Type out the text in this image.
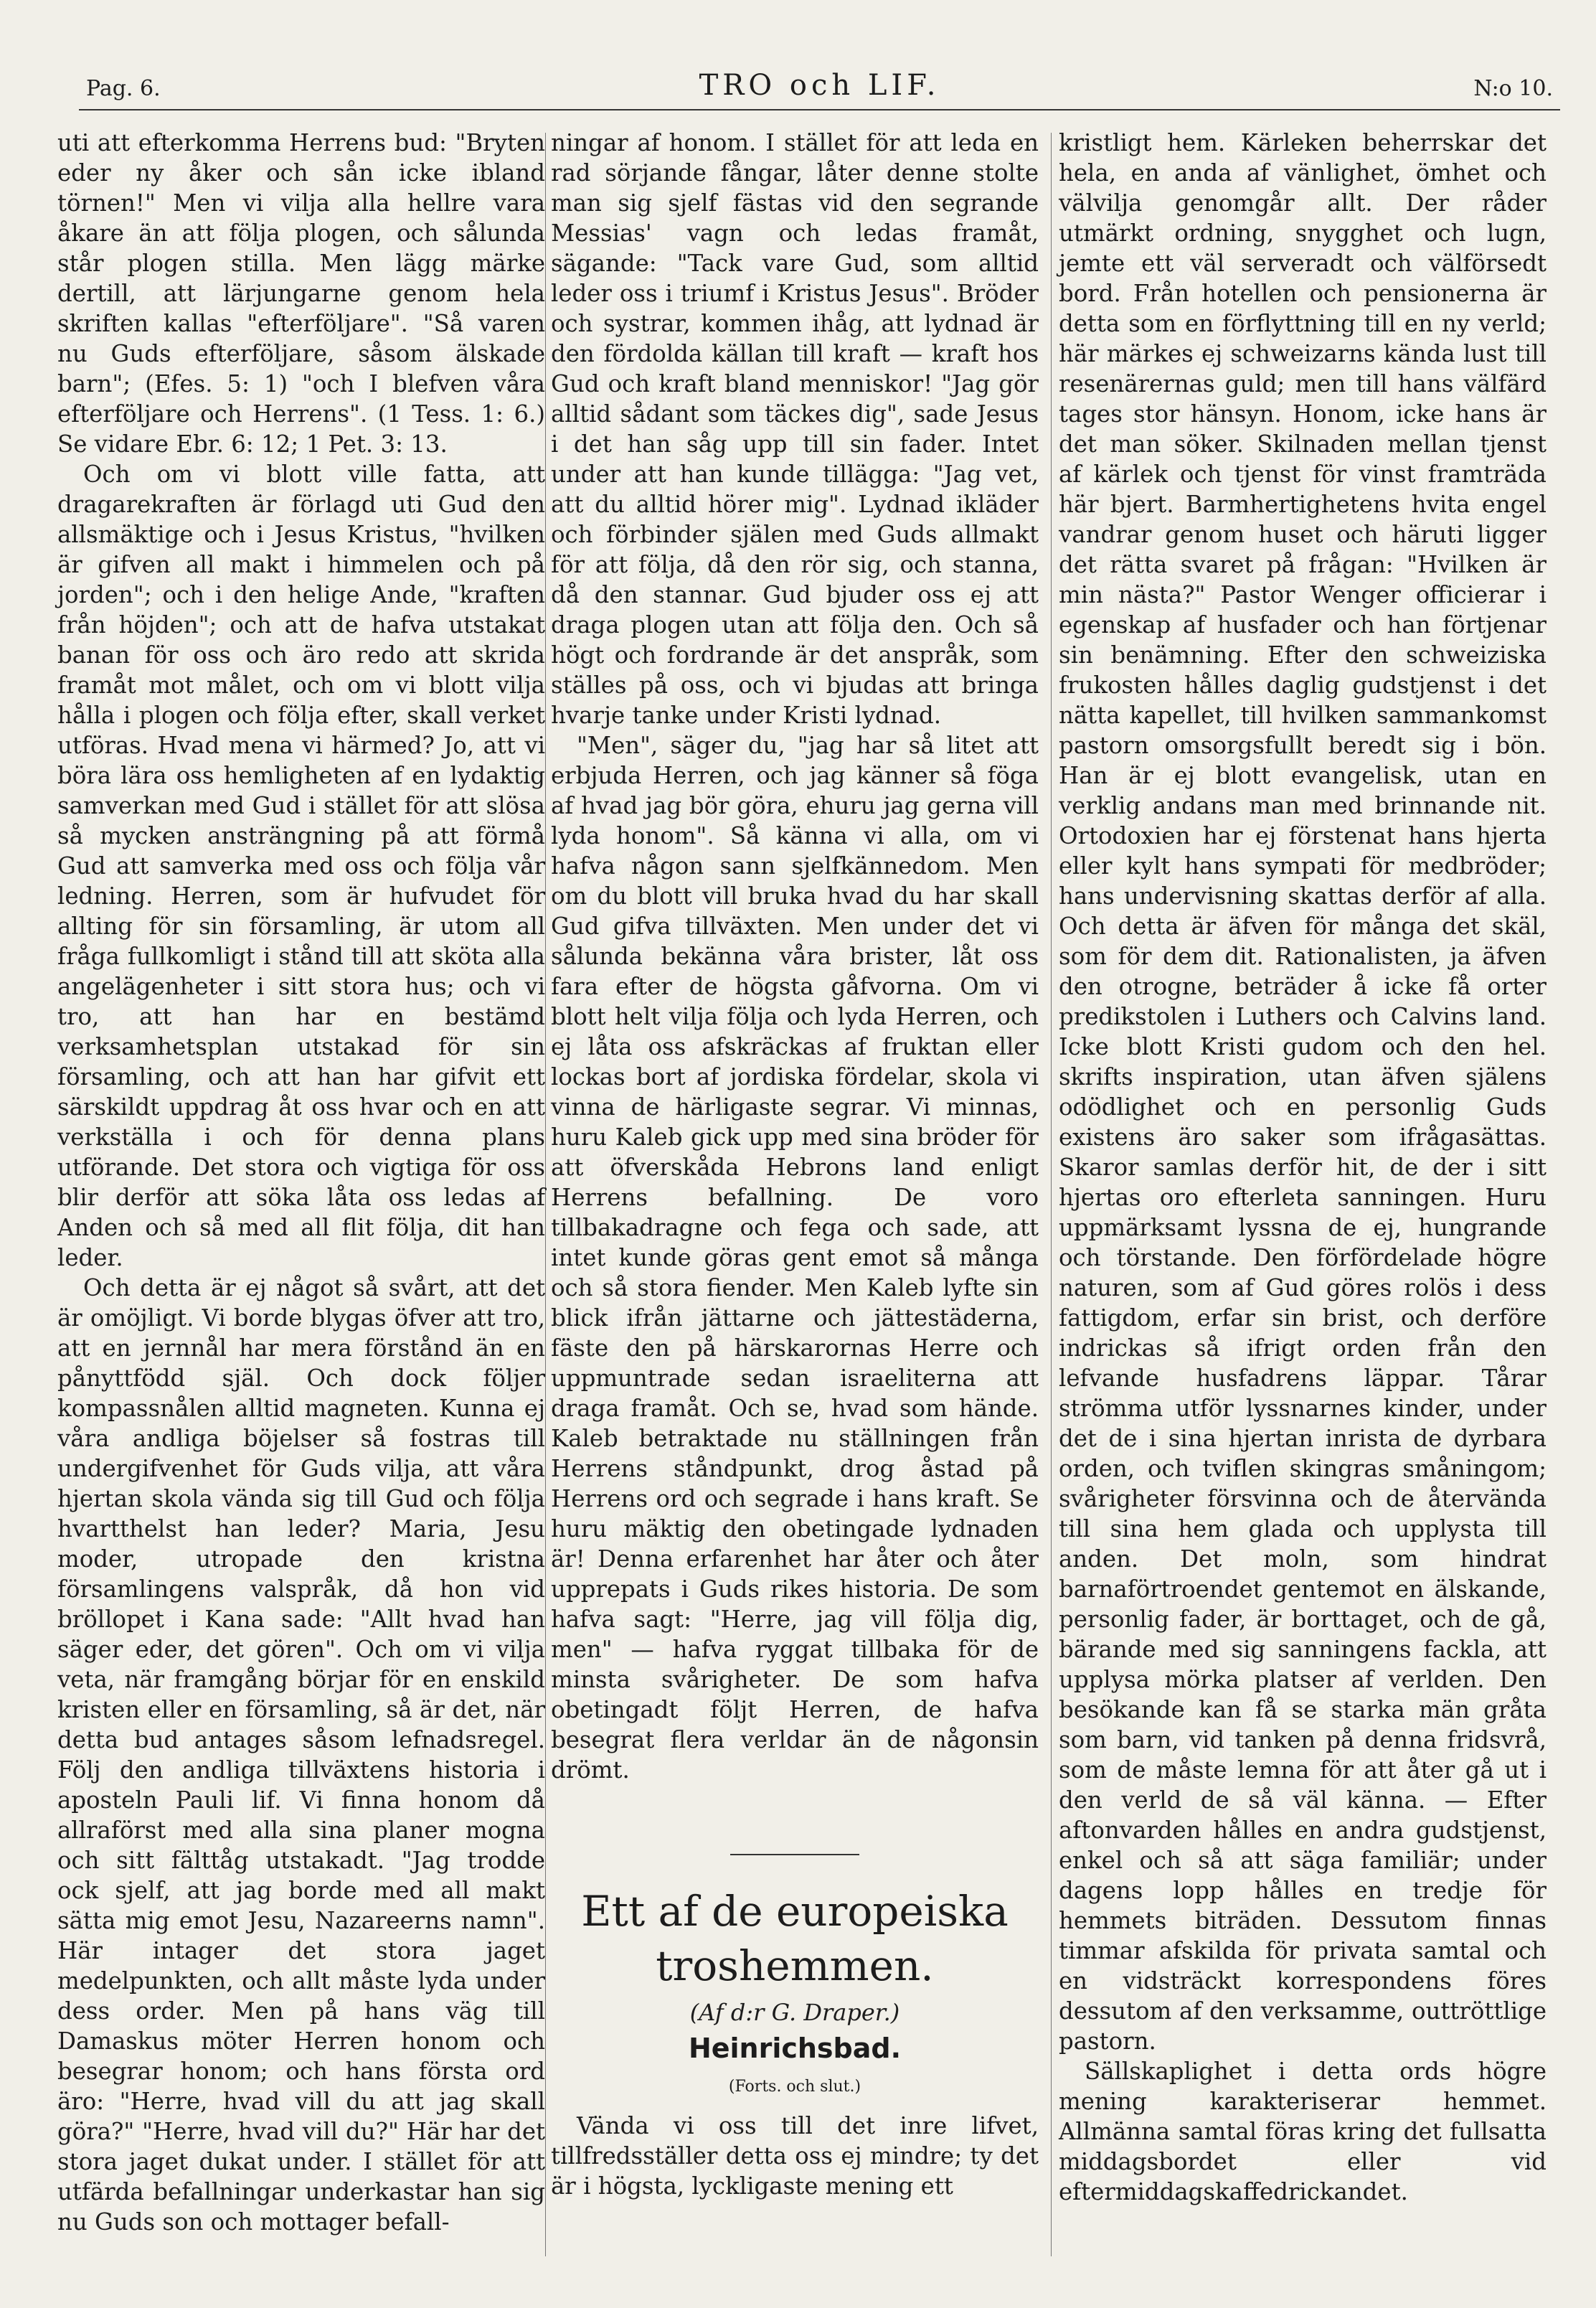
Pag. 6.	TRO och LIF.	N:o 10.

uti att efterkomma Herrens bud: "Bryten eder ny åker och sån icke ibland törnen!" Men vi vilja alla hellre vara åkare än att följa plogen, och sålunda står plogen stilla. Men lägg märke dertill, att lärjungarne genom hela skriften kallas "efterföljare". "Så varen nu Guds efterföljare, såsom älskade barn"; (Efes. 5: 1) "och I blefven våra efterföljare och Herrens". (1 Tess. 1: 6.) Se vidare Ebr. 6: 12; 1 Pet. 3: 13.

Och om vi blott ville fatta, att dragarekraften är förlagd uti Gud den allsmäktige och i Jesus Kristus, "hvilken är gifven all makt i himmelen och på jorden"; och i den helige Ande, "kraften från höjden"; och att de hafva utstakat banan för oss och äro redo att skrida framåt mot målet, och om vi blott vilja hålla i plogen och följa efter, skall verket utföras. Hvad mena vi härmed? Jo, att vi böra lära oss hemligheten af en lydaktig samverkan med Gud i stället för att slösa så mycken ansträngning på att förmå Gud att samverka med oss och följa vår ledning. Herren, som är hufvudet för allting för sin församling, är utom all fråga fullkomligt i stånd till att sköta alla angelägenheter i sitt stora hus; och vi tro, att han har en bestämd verksamhetsplan utstakad för sin församling, och att han har gifvit ett särskildt uppdrag åt oss hvar och en att verkställa i och för denna plans utförande. Det stora och vigtiga för oss blir derför att söka låta oss ledas af Anden och så med all flit följa, dit han leder.

Och detta är ej något så svårt, att det är omöjligt. Vi borde blygas öfver att tro, att en jernnål har mera förstånd än en pånyttfödd själ. Och dock följer kompassnålen alltid magneten. Kunna ej våra andliga böjelser så fostras till undergifvenhet för Guds vilja, att våra hjertan skola vända sig till Gud och följa hvartthelst han leder? Maria, Jesu moder, utropade den kristna församlingens valspråk, då hon vid bröllopet i Kana sade: "Allt hvad han säger eder, det gören". Och om vi vilja veta, när framgång börjar för en enskild kristen eller en församling, så är det, när detta bud antages såsom lefnadsregel. Följ den andliga tillväxtens historia i aposteln Pauli lif. Vi finna honom då allraförst med alla sina planer mogna och sitt fälttåg utstakadt. "Jag trodde ock sjelf, att jag borde med all makt sätta mig emot Jesu, Nazareerns namn". Här intager det stora jaget medelpunkten, och allt måste lyda under dess order. Men på hans väg till Damaskus möter Herren honom och besegrar honom; och hans första ord äro: "Herre, hvad vill du att jag skall göra?" "Herre, hvad vill du?" Här har det stora jaget dukat under. I stället för att utfärda befallningar underkastar han sig nu Guds son och mottager befall-

ningar af honom. I stället för att leda en rad sörjande fångar, låter denne stolte man sig sjelf fästas vid den segrande Messias' vagn och ledas framåt, sägande: "Tack vare Gud, som alltid leder oss i triumf i Kristus Jesus". Bröder och systrar, kommen ihåg, att lydnad är den fördolda källan till kraft — kraft hos Gud och kraft bland menniskor! "Jag gör alltid sådant som täckes dig", sade Jesus i det han såg upp till sin fader. Intet under att han kunde tillägga: "Jag vet, att du alltid hörer mig". Lydnad ikläder och förbinder själen med Guds allmakt för att följa, då den rör sig, och stanna, då den stannar. Gud bjuder oss ej att draga plogen utan att följa den. Och så högt och fordrande är det anspråk, som ställes på oss, och vi bjudas att bringa hvarje tanke under Kristi lydnad.

"Men", säger du, "jag har så litet att erbjuda Herren, och jag känner så föga af hvad jag bör göra, ehuru jag gerna vill lyda honom". Så känna vi alla, om vi hafva någon sann sjelfkännedom. Men om du blott vill bruka hvad du har skall Gud gifva tillväxten. Men under det vi sålunda bekänna våra brister, låt oss fara efter de högsta gåfvorna. Om vi blott helt vilja följa och lyda Herren, och ej låta oss afskräckas af fruktan eller lockas bort af jordiska fördelar, skola vi vinna de härligaste segrar. Vi minnas, huru Kaleb gick upp med sina bröder för att öfverskåda Hebrons land enligt Herrens befallning. De voro tillbakadragne och fega och sade, att intet kunde göras gent emot så många och så stora fiender. Men Kaleb lyfte sin blick ifrån jättarne och jättestäderna, fäste den på härskarornas Herre och uppmuntrade sedan israeliterna att draga framåt. Och se, hvad som hände. Kaleb betraktade nu ställningen från Herrens ståndpunkt, drog åstad på Herrens ord och segrade i hans kraft. Se huru mäktig den obetingade lydnaden är! Denna erfarenhet har åter och åter upprepats i Guds rikes historia. De som hafva sagt: "Herre, jag vill följa dig, men" — hafva ryggat tillbaka för de minsta svårigheter. De som hafva obetingadt följt Herren, de hafva besegrat flera verldar än de någonsin drömt.

Ett af de europeiska troshemmen.
(Af d:r G. Draper.)
Heinrichsbad.
(Forts. och slut.)

Vända vi oss till det inre lifvet, tillfredsställer detta oss ej mindre; ty det är i högsta, lyckligaste mening ett

kristligt hem. Kärleken beherrskar det hela, en anda af vänlighet, ömhet och välvilja genomgår allt. Der råder utmärkt ordning, snygghet och lugn, jemte ett väl serveradt och välförsedt bord. Från hotellen och pensionerna är detta som en förflyttning till en ny verld; här märkes ej schweizarns kända lust till resenärernas guld; men till hans välfärd tages stor hänsyn. Honom, icke hans är det man söker. Skilnaden mellan tjenst af kärlek och tjenst för vinst framträda här bjert. Barmhertighetens hvita engel vandrar genom huset och häruti ligger det rätta svaret på frågan: "Hvilken är min nästa?" Pastor Wenger officierar i egenskap af husfader och han förtjenar sin benämning. Efter den schweiziska frukosten hålles daglig gudstjenst i det nätta kapellet, till hvilken sammankomst pastorn omsorgsfullt beredt sig i bön. Han är ej blott evangelisk, utan en verklig andans man med brinnande nit. Ortodoxien har ej förstenat hans hjerta eller kylt hans sympati för medbröder; hans undervisning skattas derför af alla. Och detta är äfven för många det skäl, som för dem dit. Rationalisten, ja äfven den otrogne, beträder å icke få orter predikstolen i Luthers och Calvins land. Icke blott Kristi gudom och den hel. skrifts inspiration, utan äfven själens odödlighet och en personlig Guds existens äro saker som ifrågasättas. Skaror samlas derför hit, de der i sitt hjertas oro efterleta sanningen. Huru uppmärksamt lyssna de ej, hungrande och törstande. Den förfördelade högre naturen, som af Gud göres rolös i dess fattigdom, erfar sin brist, och derföre indrickas så ifrigt orden från den lefvande husfadrens läppar. Tårar strömma utför lyssnarnes kinder, under det de i sina hjertan inrista de dyrbara orden, och tviflen skingras småningom; svårigheter försvinna och de återvända till sina hem glada och upplysta till anden. Det moln, som hindrat barnaförtroendet gentemot en älskande, personlig fader, är borttaget, och de gå, bärande med sig sanningens fackla, att upplysa mörka platser af verlden. Den besökande kan få se starka män gråta som barn, vid tanken på denna fridsvrå, som de måste lemna för att åter gå ut i den verld de så väl känna. — Efter aftonvarden hålles en andra gudstjenst, enkel och så att säga familiär; under dagens lopp hålles en tredje för hemmets biträden. Dessutom finnas timmar afskilda för privata samtal och en vidsträckt korrespondens föres dessutom af den verksamme, outtröttlige pastorn.

Sällskaplighet i detta ords högre mening karakteriserar hemmet. Allmänna samtal föras kring det fullsatta middagsbordet eller vid eftermiddagskaffedrickandet.
